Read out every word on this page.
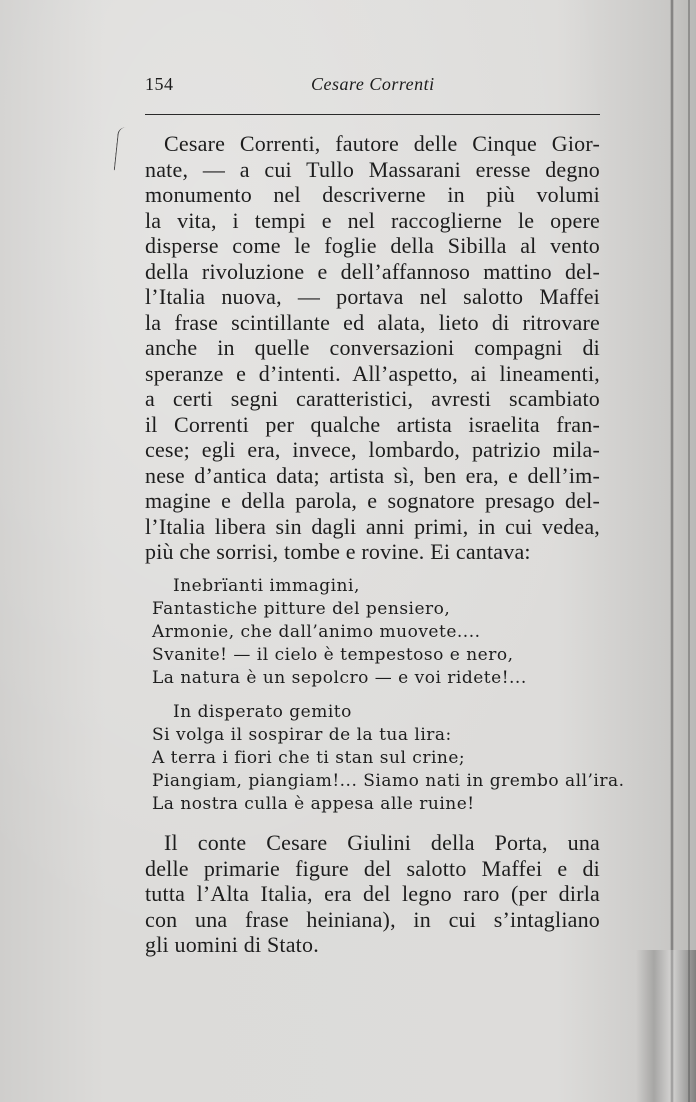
154	Cesare Correnti

Cesare Correnti, fautore delle Cinque Gior-
nate, — a cui Tullo Massarani eresse degno
monumento nel descriverne in più volumi
la vita, i tempi e nel raccoglierne le opere
disperse come le foglie della Sibilla al vento
della rivoluzione e dell’affannoso mattino del-
l’Italia nuova, — portava nel salotto Maffei
la frase scintillante ed alata, lieto di ritrovare
anche in quelle conversazioni compagni di
speranze e d’intenti. All’aspetto, ai lineamenti,
a certi segni caratteristici, avresti scambiato
il Correnti per qualche artista israelita fran-
cese; egli era, invece, lombardo, patrizio mila-
nese d’antica data; artista sì, ben era, e dell’im-
magine e della parola, e sognatore presago del-
l’Italia libera sin dagli anni primi, in cui vedea,
più che sorrisi, tombe e rovine. Ei cantava:

Inebrïanti immagini,
Fantastiche pitture del pensiero,
Armonie, che dall’animo muovete....
Svanite! — il cielo è tempestoso e nero,
La natura è un sepolcro — e voi ridete!...

In disperato gemito
Si volga il sospirar de la tua lira:
A terra i fiori che ti stan sul crine;
Piangiam, piangiam!... Siamo nati in grembo all’ira.
La nostra culla è appesa alle ruine!

Il conte Cesare Giulini della Porta, una
delle primarie figure del salotto Maffei e di
tutta l’Alta Italia, era del legno raro (per dirla
con una frase heiniana), in cui s’intagliano
gli uomini di Stato.
